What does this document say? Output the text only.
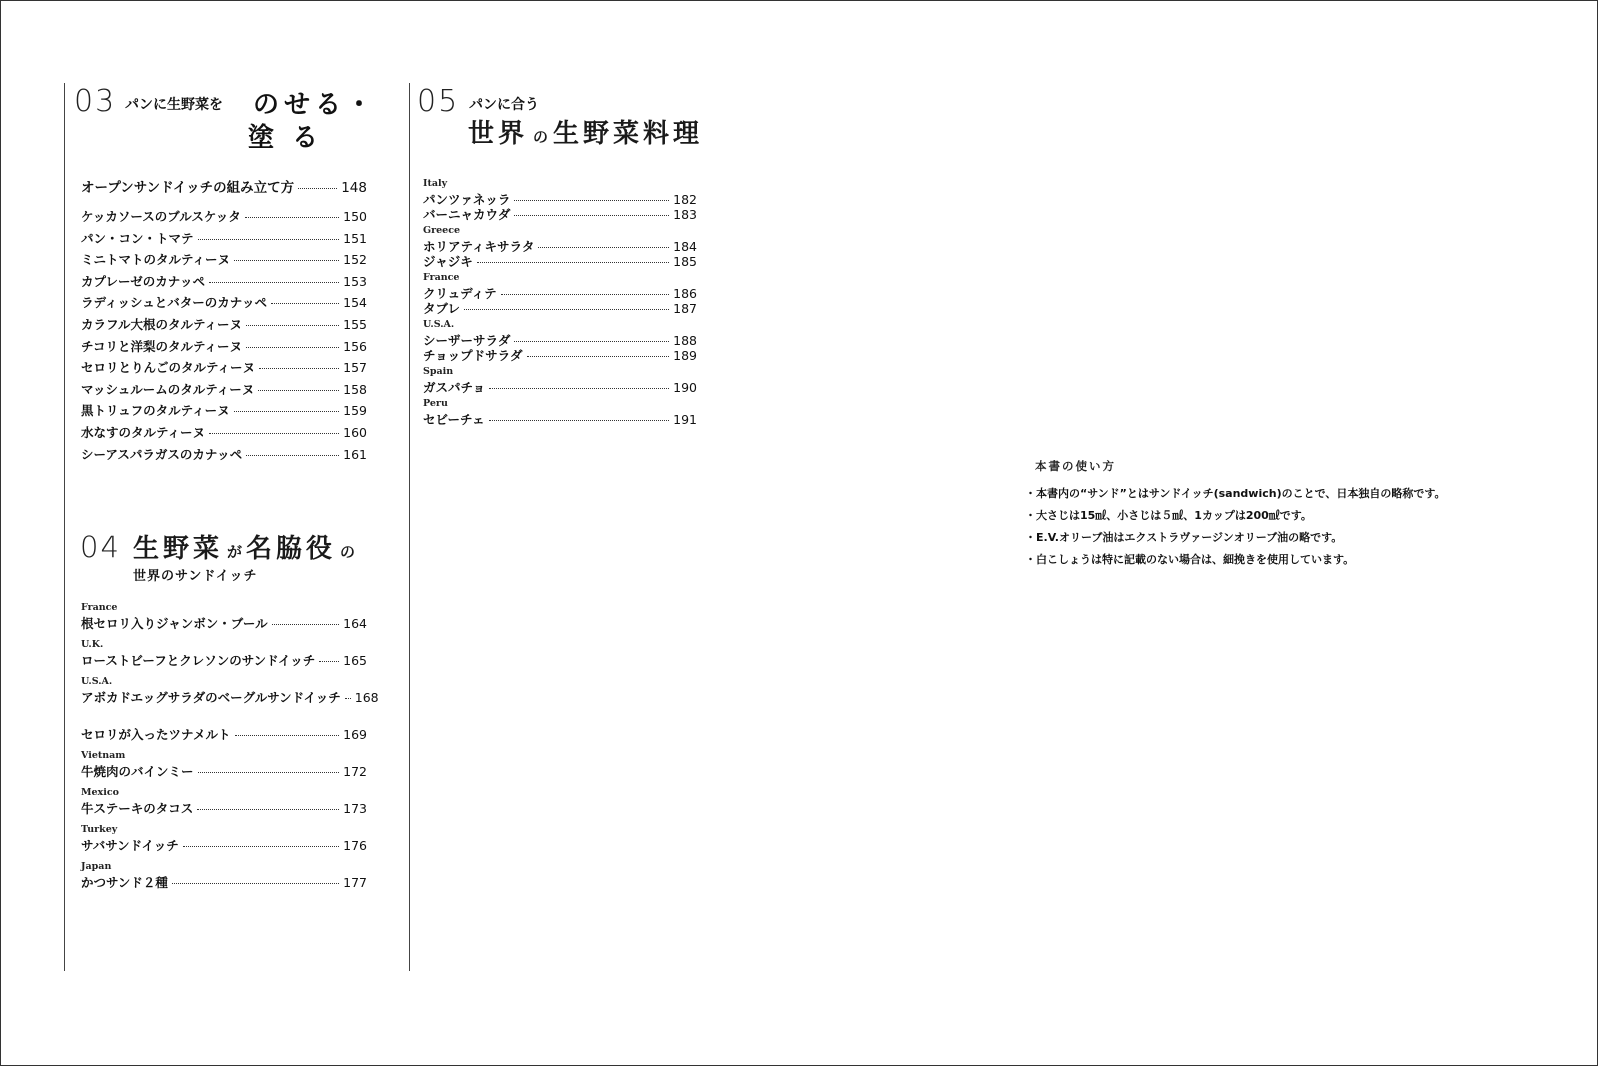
03 パンに生野菜を のせる・
塗る
オープンサンドイッチの組み立て方	148
ケッカソースのブルスケッタ	150
パン・コン・トマテ	151
ミニトマトのタルティーヌ	152
カプレーゼのカナッペ	153
ラディッシュとバターのカナッペ	154
カラフル大根のタルティーヌ	155
チコリと洋梨のタルティーヌ	156
セロリとりんごのタルティーヌ	157
マッシュルームのタルティーヌ	158
黒トリュフのタルティーヌ	159
水なすのタルティーヌ	160
シーアスパラガスのカナッペ	161
04 生野菜 が 名脇役 の
世界のサンドイッチ
France
根セロリ入りジャンボン・ブール	164
U.K.
ローストビーフとクレソンのサンドイッチ 165
U.S.A.
アボカドエッグサラダのベーグルサンドイッチ 168
セロリが入ったツナメルト	169
Vietnam
牛焼肉のバインミー	172
Mexico
牛ステーキのタコス	173
Turkey
サバサンドイッチ	176
Japan
かつサンド２種	177
05 パンに合う
世界 の 生野菜料理
Italy
パンツァネッラ	182
バーニャカウダ	183
Greece
ホリアティキサラタ	184
ジャジキ	185
France
クリュディテ	186
タブレ	187
U.S.A.
シーザーサラダ	188
チョップドサラダ	189
Spain
ガスパチョ	190
Peru
セビーチェ	191
本書の使い方
・本書内の“サンド”とはサンドイッチ(sandwich)のことで、日本独自の略称です。
・大さじは15㎖、小さじは５㎖、1カップは200㎖です。
・E.V.オリーブ油はエクストラヴァージンオリーブ油の略です。
・白こしょうは特に記載のない場合は、細挽きを使用しています。
